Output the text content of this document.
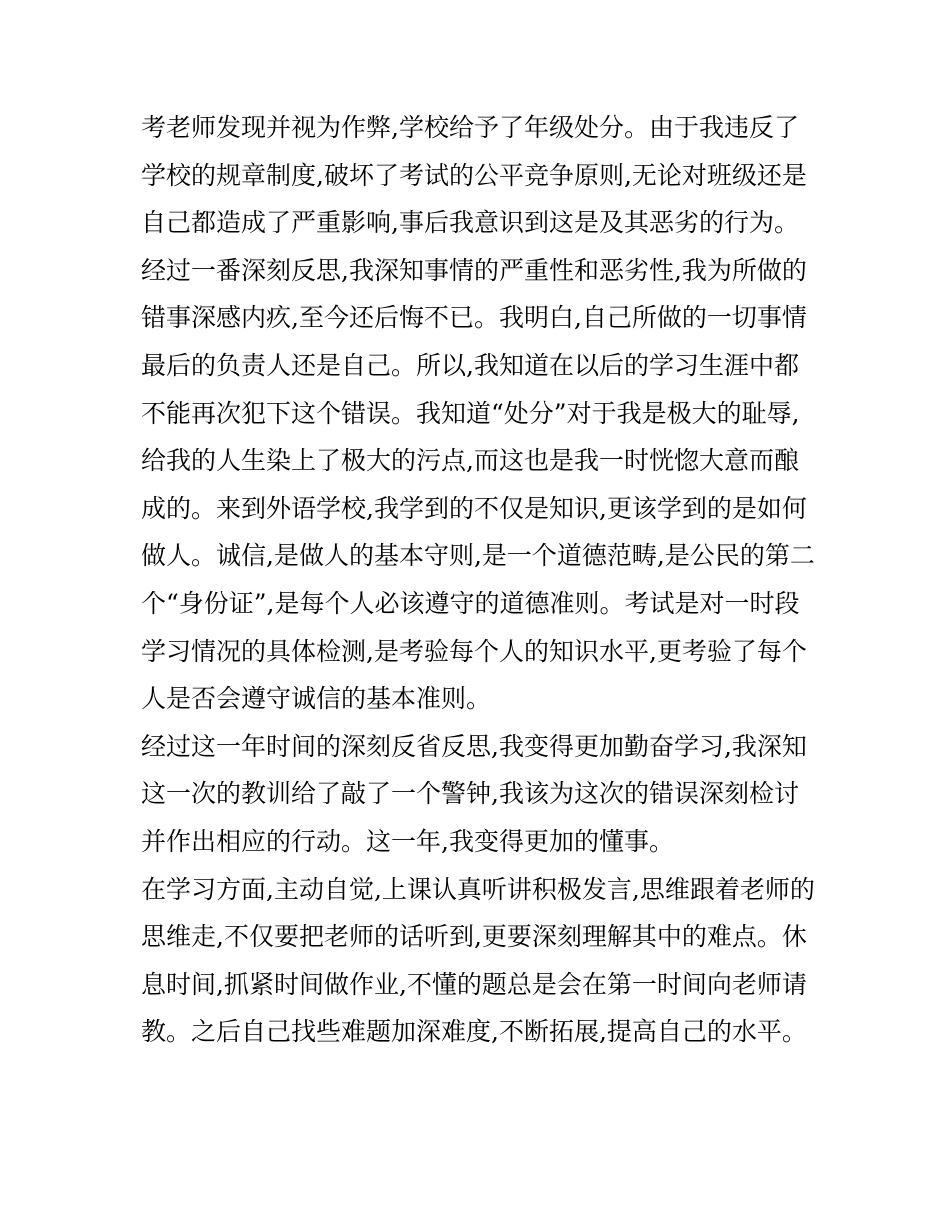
考老师发现并视为作弊,学校给予了年级处分。由于我违反了
学校的规章制度,破坏了考试的公平竞争原则,无论对班级还是
自己都造成了严重影响,事后我意识到这是及其恶劣的行为。
经过一番深刻反思,我深知事情的严重性和恶劣性,我为所做的
错事深感内疚,至今还后悔不已。我明白,自己所做的一切事情
最后的负责人还是自己。所以,我知道在以后的学习生涯中都
不能再次犯下这个错误。我知道“处分”对于我是极大的耻辱,
给我的人生染上了极大的污点,而这也是我一时恍惚大意而酿
成的。来到外语学校,我学到的不仅是知识,更该学到的是如何
做人。诚信,是做人的基本守则,是一个道德范畴,是公民的第二
个“身份证”,是每个人必该遵守的道德准则。考试是对一时段
学习情况的具体检测,是考验每个人的知识水平,更考验了每个
人是否会遵守诚信的基本准则。
经过这一年时间的深刻反省反思,我变得更加勤奋学习,我深知
这一次的教训给了敲了一个警钟,我该为这次的错误深刻检讨
并作出相应的行动。这一年,我变得更加的懂事。
在学习方面,主动自觉,上课认真听讲积极发言,思维跟着老师的
思维走,不仅要把老师的话听到,更要深刻理解其中的难点。休
息时间,抓紧时间做作业,不懂的题总是会在第一时间向老师请
教。之后自己找些难题加深难度,不断拓展,提高自己的水平。
